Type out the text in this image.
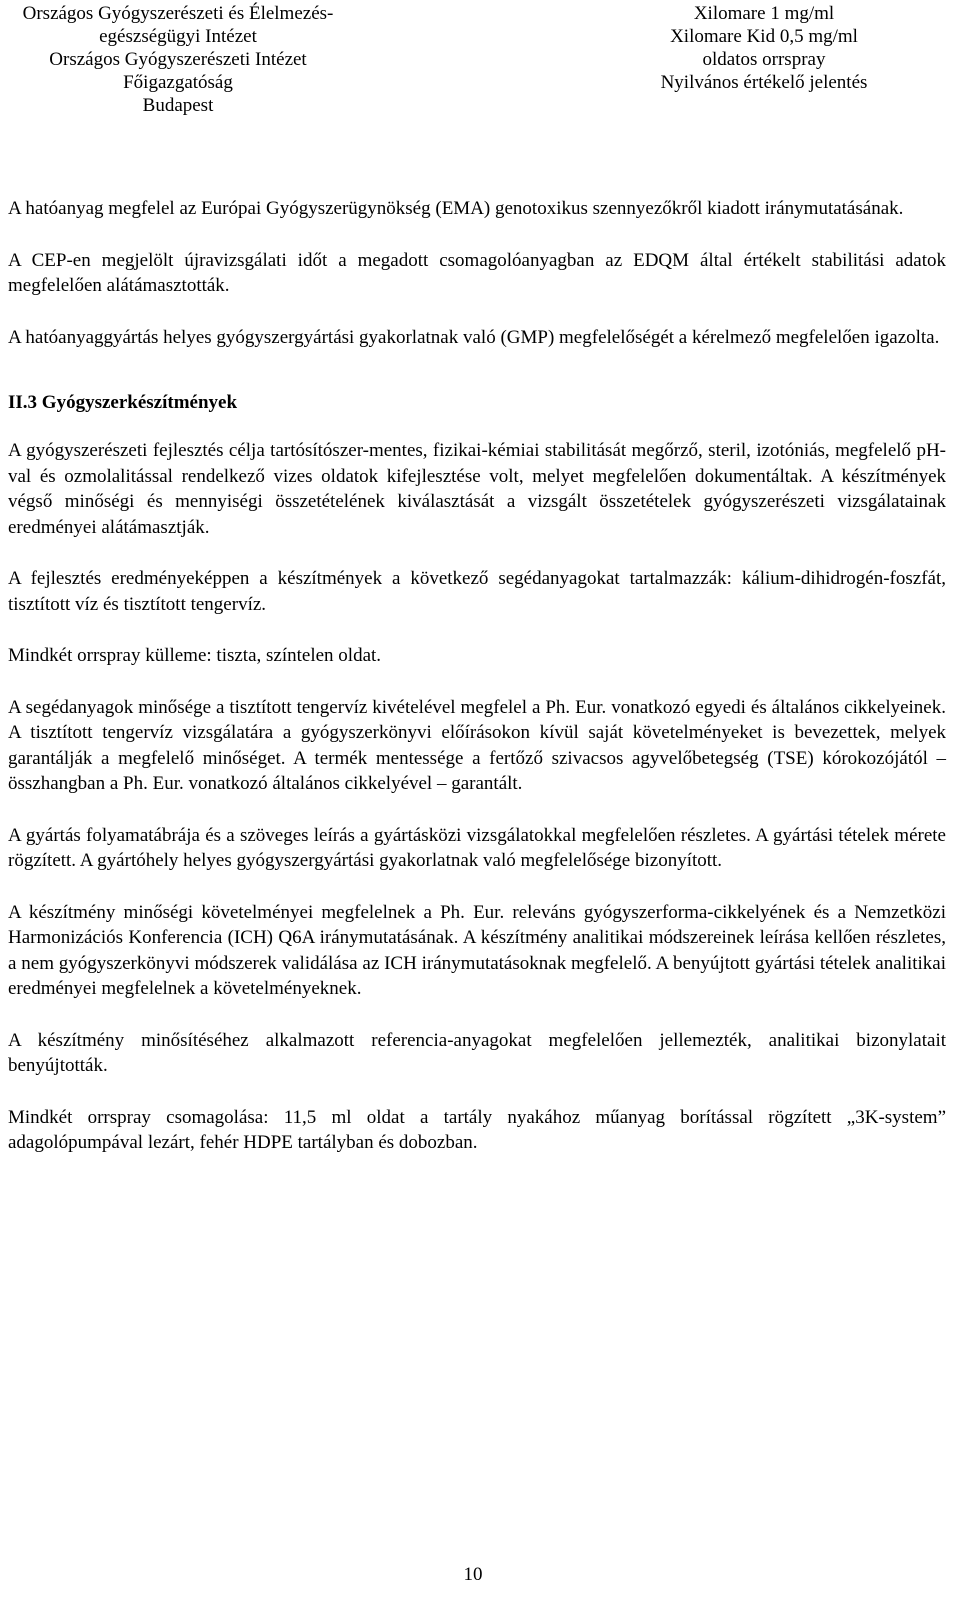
Országos Gyógyszerészeti és Élelmezés-
egészségügyi Intézet
Országos Gyógyszerészeti Intézet
Főigazgatóság
Budapest
Xilomare 1 mg/ml
Xilomare Kid 0,5 mg/ml
oldatos orrspray
Nyilvános értékelő jelentés

A hatóanyag megfelel az Európai Gyógyszerügynökség (EMA) genotoxikus szennyezőkről kiadott iránymutatásának.

A CEP-en megjelölt újravizsgálati időt a megadott csomagolóanyagban az EDQM által értékelt stabilitási adatok megfelelően alátámasztották.

A hatóanyaggyártás helyes gyógyszergyártási gyakorlatnak való (GMP) megfelelőségét a kérelmező megfelelően igazolta.

II.3 Gyógyszerkészítmények

A gyógyszerészeti fejlesztés célja tartósítószer-mentes, fizikai-kémiai stabilitását megőrző, steril, izotóniás, megfelelő pH-val és ozmolalitással rendelkező vizes oldatok kifejlesztése volt, melyet megfelelően dokumentáltak. A készítmények végső minőségi és mennyiségi összetételének kiválasztását a vizsgált összetételek gyógyszerészeti vizsgálatainak eredményei alátámasztják.

A fejlesztés eredményeképpen a készítmények a következő segédanyagokat tartalmazzák: kálium-dihidrogén-foszfát, tisztított víz és tisztított tengervíz.

Mindkét orrspray külleme: tiszta, színtelen oldat.

A segédanyagok minősége a tisztított tengervíz kivételével megfelel a Ph. Eur. vonatkozó egyedi és általános cikkelyeinek. A tisztított tengervíz vizsgálatára a gyógyszerkönyvi előírásokon kívül saját követelményeket is bevezettek, melyek garantálják a megfelelő minőséget. A termék mentessége a fertőző szivacsos agyvelőbetegség (TSE) kórokozójától – összhangban a Ph. Eur. vonatkozó általános cikkelyével – garantált.

A gyártás folyamatábrája és a szöveges leírás a gyártásközi vizsgálatokkal megfelelően részletes. A gyártási tételek mérete rögzített. A gyártóhely helyes gyógyszergyártási gyakorlatnak való megfelelősége bizonyított.

A készítmény minőségi követelményei megfelelnek a Ph. Eur. releváns gyógyszerforma-cikkelyének és a Nemzetközi Harmonizációs Konferencia (ICH) Q6A iránymutatásának. A készítmény analitikai módszereinek leírása kellően részletes, a nem gyógyszerkönyvi módszerek validálása az ICH iránymutatásoknak megfelelő. A benyújtott gyártási tételek analitikai eredményei megfelelnek a követelményeknek.

A készítmény minősítéséhez alkalmazott referencia-anyagokat megfelelően jellemezték, analitikai bizonylatait benyújtották.

Mindkét orrspray csomagolása: 11,5 ml oldat a tartály nyakához műanyag borítással rögzített „3K-system” adagolópumpával lezárt, fehér HDPE tartályban és dobozban.

10
